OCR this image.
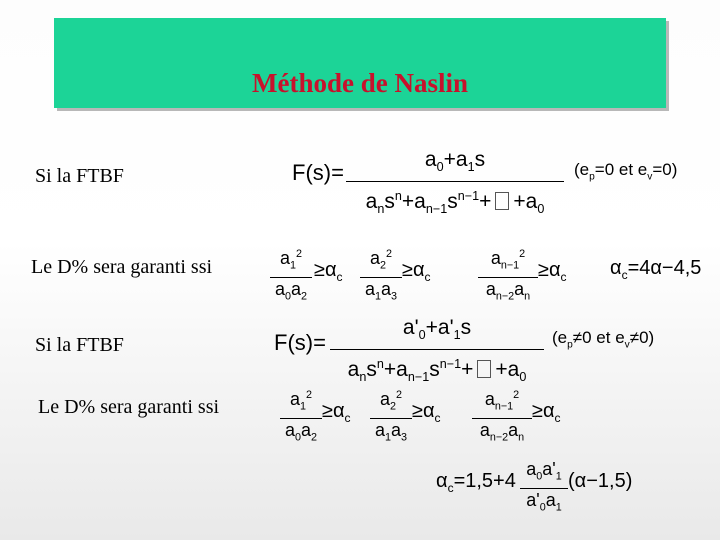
Méthode de Naslin
Si la FTBF	F(s)=
$a_0+a_1s$
$a_ns^n+a_{n-1}s^{n-1}+ +a_0$
($e_p=0$ et $e_v=0$)
Le D% sera garanti ssi	$\frac{a_1^2}{a_0a_2} \ge\alpha_c \frac{a_2^2}{a_1a_3} \ge\alpha_c$	$\frac{a_{n-1}^2}{a_{n-2}a_n} \ge\alpha_c$ $\alpha_c=4\alpha-4,5$
Si la FTBF	F(s)=
$a'_0+a'_1s$
$a_ns^n+a_{n-1}s^{n-1}+ +a_0$
($e_p\ne 0$ et $e_v\ne 0$)
Le D% sera garanti ssi	$\frac{a_1^2}{a_0a_2} \ge\alpha_c \frac{a_2^2}{a_1a_3} \ge\alpha_c \frac{a_{n-1}^2}{a_{n-2}a_n} \ge\alpha_c$
$\alpha_c=1,5+4 \frac{a_0a'_1}{a'_0a_1} (\alpha-1,5)$
